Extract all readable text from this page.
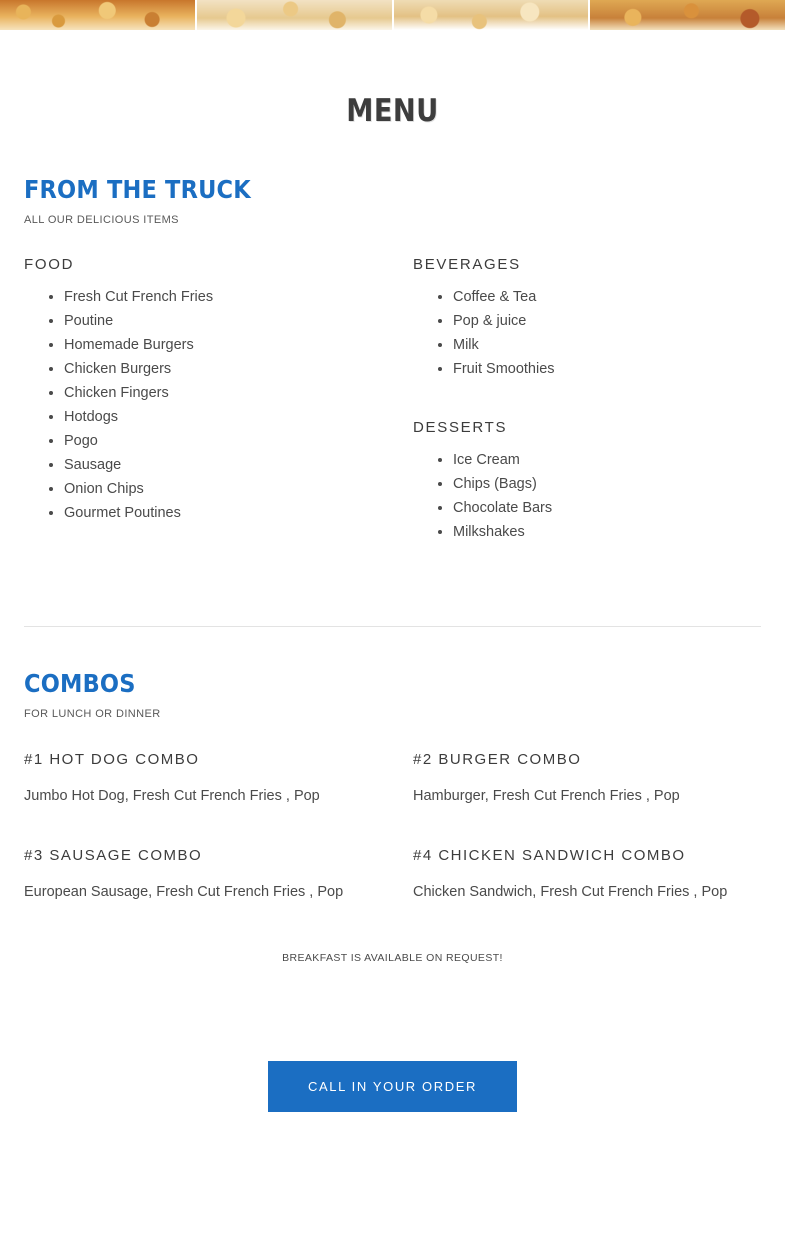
MENU
FROM THE TRUCK

ALL OUR DELICIOUS ITEMS

FOOD
• Fresh Cut French Fries
• Poutine
• Homemade Burgers
• Chicken Burgers
• Chicken Fingers
• Hotdogs
• Pogo
• Sausage
• Onion Chips
• Gourmet Poutines
BEVERAGES
• Coffee & Tea
• Pop & juice
• Milk
• Fruit Smoothies
DESSERTS
• Ice Cream
• Chips (Bags)
• Chocolate Bars
• Milkshakes
COMBOS

FOR LUNCH OR DINNER

#1 HOT DOG COMBO

Jumbo Hot Dog, Fresh Cut French Fries , Pop

#2 BURGER COMBO

Hamburger, Fresh Cut French Fries , Pop

#3 SAUSAGE COMBO

European Sausage, Fresh Cut French Fries , Pop

#4 CHICKEN SANDWICH COMBO

Chicken Sandwich, Fresh Cut French Fries , Pop

BREAKFAST IS AVAILABLE ON REQUEST!
CALL IN YOUR ORDER
